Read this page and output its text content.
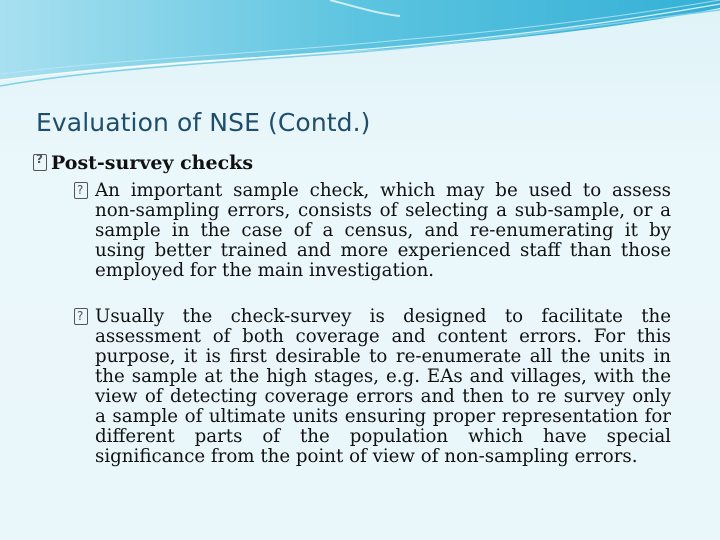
Evaluation of NSE (Contd.)
?Post-survey checks
?
An important sample check, which may be used to assess non-sampling errors, consists of selecting a sub-sample, or a sample in the case of a census, and re-enumerating it by using better trained and more experienced staff than those employed for the main investigation.
?
Usually the check-survey is designed to facilitate the assessment of both coverage and content errors. For this purpose, it is first desirable to re-enumerate all the units in the sample at the high stages, e.g. EAs and villages, with the view of detecting coverage errors and then to re survey only a sample of ultimate units ensuring proper representation for different parts of the population which have special significance from the point of view of non-sampling errors.
